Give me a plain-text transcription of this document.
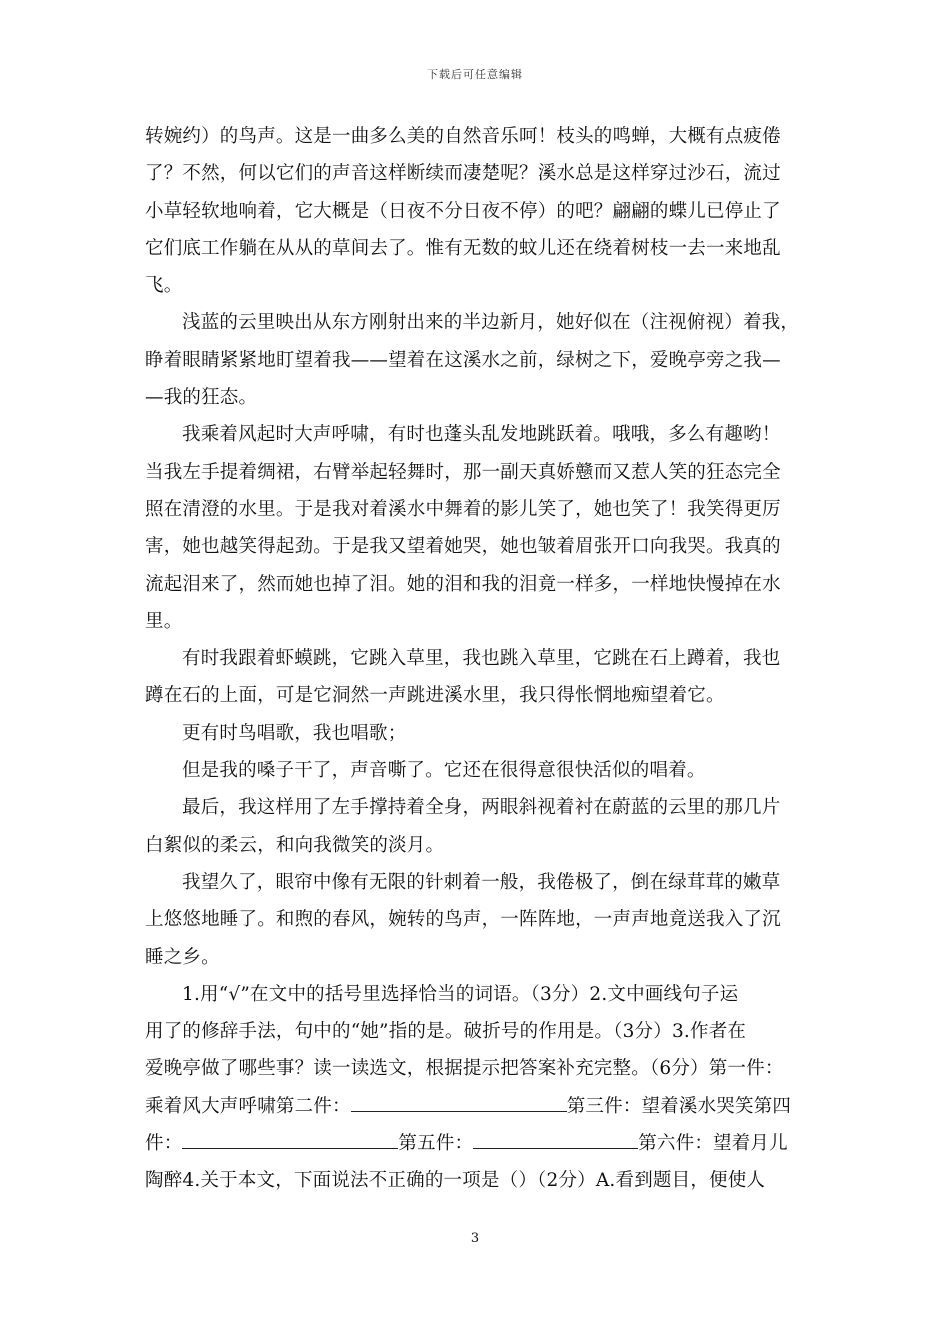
下载后可任意编辑
转婉约）的鸟声。这是一曲多么美的自然音乐呵！枝头的鸣蝉，大概有点疲倦
了？不然，何以它们的声音这样断续而凄楚呢？溪水总是这样穿过沙石，流过
小草轻软地响着，它大概是（日夜不分日夜不停）的吧？翩翩的蝶儿已停止了
它们底工作躺在从从的草间去了。惟有无数的蚊儿还在绕着树枝一去一来地乱
飞。
浅蓝的云里映出从东方刚射出来的半边新月，她好似在（注视俯视）着我，
睁着眼睛紧紧地盯望着我——望着在这溪水之前，绿树之下，爱晚亭旁之我—
—我的狂态。
我乘着风起时大声呼啸，有时也蓬头乱发地跳跃着。哦哦，多么有趣哟！
当我左手提着绸裙，右臂举起轻舞时，那一副天真娇戆而又惹人笑的狂态完全
照在清澄的水里。于是我对着溪水中舞着的影儿笑了，她也笑了！我笑得更厉
害，她也越笑得起劲。于是我又望着她哭，她也皱着眉张开口向我哭。我真的
流起泪来了，然而她也掉了泪。她的泪和我的泪竟一样多，一样地快慢掉在水
里。
有时我跟着虾蟆跳，它跳入草里，我也跳入草里，它跳在石上蹲着，我也
蹲在石的上面，可是它洞然一声跳进溪水里，我只得怅惘地痴望着它。
更有时鸟唱歌，我也唱歌；
但是我的嗓子干了，声音嘶了。它还在很得意很快活似的唱着。
最后，我这样用了左手撑持着全身，两眼斜视着衬在蔚蓝的云里的那几片
白絮似的柔云，和向我微笑的淡月。
我望久了，眼帘中像有无限的针刺着一般，我倦极了，倒在绿茸茸的嫩草
上悠悠地睡了。和煦的春风，婉转的鸟声，一阵阵地，一声声地竟送我入了沉
睡之乡。
1.用“√”在文中的括号里选择恰当的词语。（3分）2.文中画线句子运
用了的修辞手法，句中的“她”指的是。破折号的作用是。（3分）3.作者在
爱晚亭做了哪些事？读一读选文，根据提示把答案补充完整。（6分）第一件：
乘着风大声呼啸第二件：	第三件：望着溪水哭笑第四
件：	第五件：	第六件：望着月儿
陶醉4.关于本文，下面说法不正确的一项是（）（2分）A.看到题目，便使人
3
